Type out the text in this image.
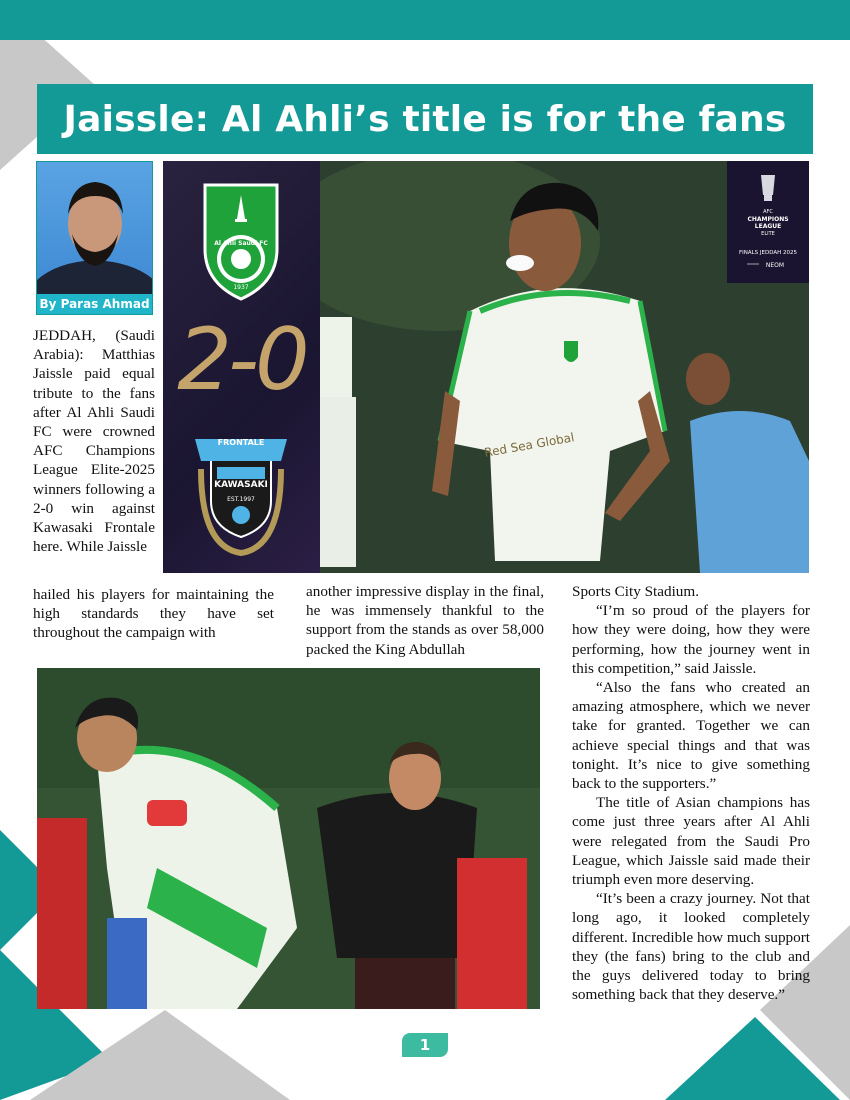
Jaissle: Al Ahli’s title is for the fans
By Paras Ahmad
Al Ahli Saudi FC
1937
2-0
FRONTALE
KAWASAKI
EST.1997
Red Sea Global
AFC
CHAMPIONS
LEAGUE
ELITE
FINALS JEDDAH 2025
NEOM
JEDDAH, (Saudi Arabia): Matthias Jaissle paid equal tribute to the fans after Al Ahli Saudi FC were crowned AFC Champions League Elite-2025 winners following a 2-0 win against Kawasaki Frontale here. While Jaissle
hailed his players for maintaining the high standards they have set throughout the campaign with
another impressive display in the final, he was immensely thankful to the support from the stands as over 58,000 packed the King Abdullah

Sports City Stadium.

“I’m so proud of the players for how they were doing, how they were performing, how the journey went in this competition,” said Jaissle.

“Also the fans who created an amazing atmosphere, which we never take for granted. Together we can achieve special things and that was tonight. It’s nice to give something back to the supporters.”

The title of Asian champions has come just three years after Al Ahli were relegated from the Saudi Pro League, which Jaissle said made their triumph even more deserving.

“It’s been a crazy journey. Not that long ago, it looked completely different. Incredible how much support they (the fans) bring to the club and the guys delivered today to bring something back that they deserve.”

1
